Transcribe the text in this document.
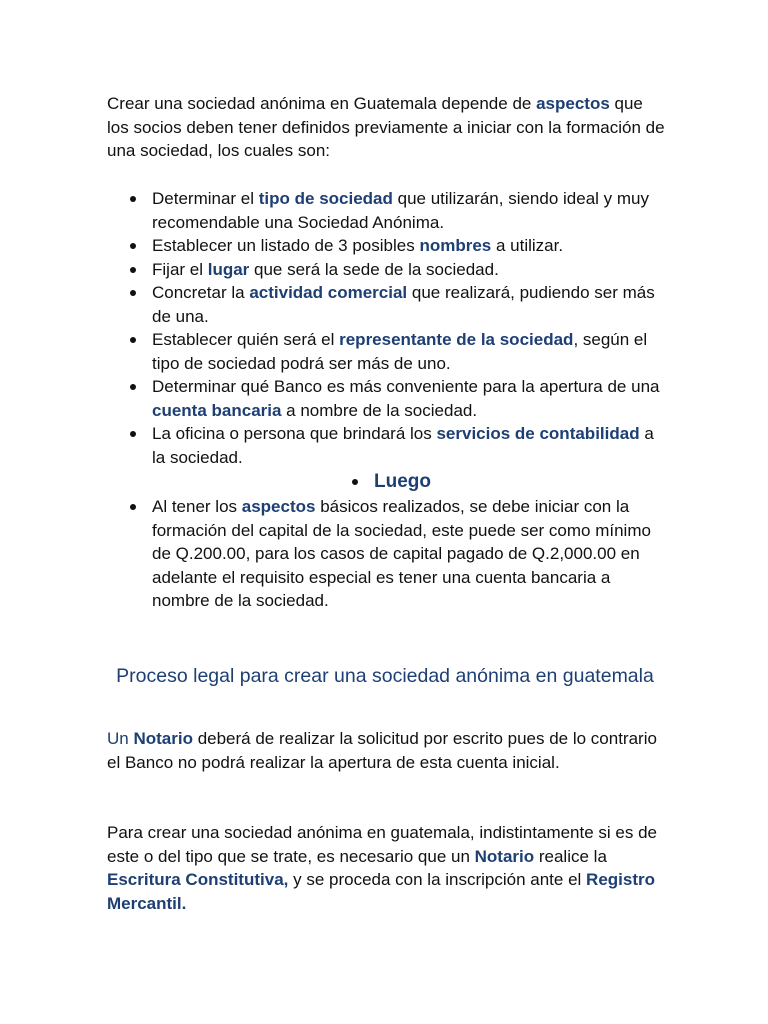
Crear una sociedad anónima en Guatemala depende de aspectos que los socios deben tener definidos previamente a iniciar con la formación de una sociedad, los cuales son:
Determinar el tipo de sociedad que utilizarán, siendo ideal y muy recomendable una Sociedad Anónima.
Establecer un listado de 3 posibles nombres a utilizar.
Fijar el lugar que será la sede de la sociedad.
Concretar la actividad comercial que realizará, pudiendo ser más de una.
Establecer quién será el representante de la sociedad, según el tipo de sociedad podrá ser más de uno.
Determinar qué Banco es más conveniente para la apertura de una cuenta bancaria a nombre de la sociedad.
La oficina o persona que brindará los servicios de contabilidad a la sociedad.
Luego
Al tener los aspectos básicos realizados, se debe iniciar con la formación del capital de la sociedad, este puede ser como mínimo de Q.200.00, para los casos de capital pagado de Q.2,000.00 en adelante el requisito especial es tener una cuenta bancaria a nombre de la sociedad.
Proceso legal para crear una sociedad anónima en guatemala
Un Notario deberá de realizar la solicitud por escrito pues de lo contrario el Banco no podrá realizar la apertura de esta cuenta inicial.
Para crear una sociedad anónima en guatemala, indistintamente si es de este o del tipo que se trate, es necesario que un Notario realice la Escritura Constitutiva, y se proceda con la inscripción ante el Registro Mercantil.
